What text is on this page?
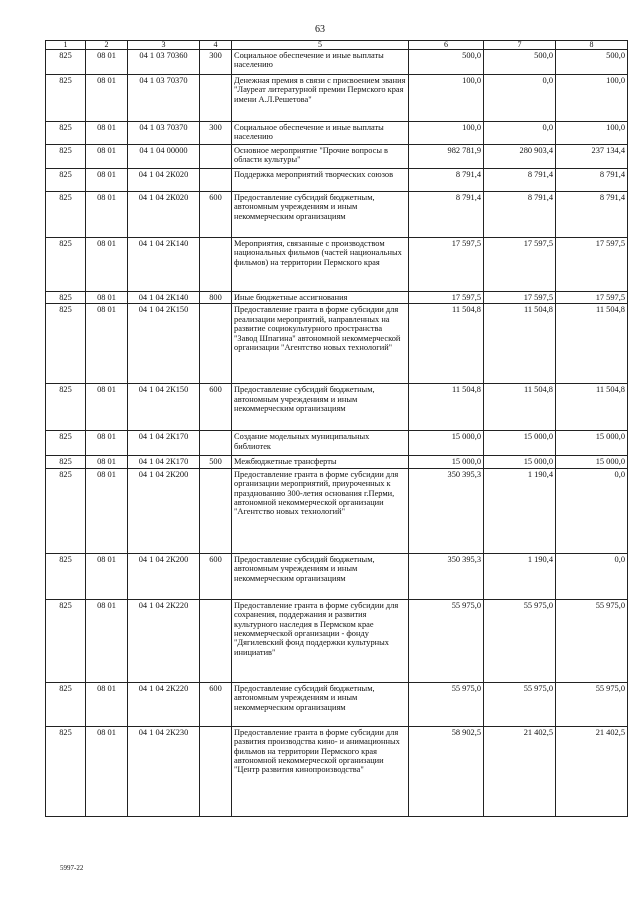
63
1	2	3	4	5	6	7	8
825	08 01	04 1 03 70360	300	Социальное обеспечение и иные выплаты населению	500,0	500,0	500,0
825	08 01	04 1 03 70370		Денежная премия в связи с присвоением звания "Лауреат литературной премии Пермского края имени А.Л.Решетова"	100,0	0,0	100,0
825	08 01	04 1 03 70370	300	Социальное обеспечение и иные выплаты населению	100,0	0,0	100,0
825	08 01	04 1 04 00000		Основное мероприятие "Прочие вопросы в области культуры"	982 781,9	280 903,4	237 134,4
825	08 01	04 1 04 2К020		Поддержка мероприятий творческих союзов	8 791,4	8 791,4	8 791,4
825	08 01	04 1 04 2К020	600	Предоставление субсидий бюджетным, автономным учреждениям и иным некоммерческим организациям	8 791,4	8 791,4	8 791,4
825	08 01	04 1 04 2К140		Мероприятия, связанные с производством национальных фильмов (частей национальных фильмов) на территории Пермского края	17 597,5	17 597,5	17 597,5
825	08 01	04 1 04 2К140	800	Иные бюджетные ассигнования	17 597,5	17 597,5	17 597,5
825	08 01	04 1 04 2К150		Предоставление гранта в форме субсидии для реализации мероприятий, направленных на развитие социокультурного пространства "Завод Шпагина" автономной некоммерческой организации "Агентство новых технологий"	11 504,8	11 504,8	11 504,8
825	08 01	04 1 04 2К150	600	Предоставление субсидий бюджетным, автономным учреждениям и иным некоммерческим организациям	11 504,8	11 504,8	11 504,8
825	08 01	04 1 04 2К170		Создание модельных муниципальных библиотек	15 000,0	15 000,0	15 000,0
825	08 01	04 1 04 2К170	500	Межбюджетные трансферты	15 000,0	15 000,0	15 000,0
825	08 01	04 1 04 2К200		Предоставление гранта в форме субсидии для организации мероприятий, приуроченных к празднованию 300-летия основания г.Перми, автономной некоммерческой организации "Агентство новых технологий"	350 395,3	1 190,4	0,0
825	08 01	04 1 04 2К200	600	Предоставление субсидий бюджетным, автономным учреждениям и иным некоммерческим организациям	350 395,3	1 190,4	0,0
825	08 01	04 1 04 2К220		Предоставление гранта в форме субсидии для сохранения, поддержания и развития культурного наследия в Пермском крае некоммерческой организации - фонду "Дягилевский фонд поддержки культурных инициатив"	55 975,0	55 975,0	55 975,0
825	08 01	04 1 04 2К220	600	Предоставление субсидий бюджетным, автономным учреждениям и иным некоммерческим организациям	55 975,0	55 975,0	55 975,0
825	08 01	04 1 04 2К230		Предоставление гранта в форме субсидии для развития производства кино- и анимационных фильмов на территории Пермского края автономной некоммерческой организации "Центр развития кинопроизводства"	58 902,5	21 402,5	21 402,5
5997-22
